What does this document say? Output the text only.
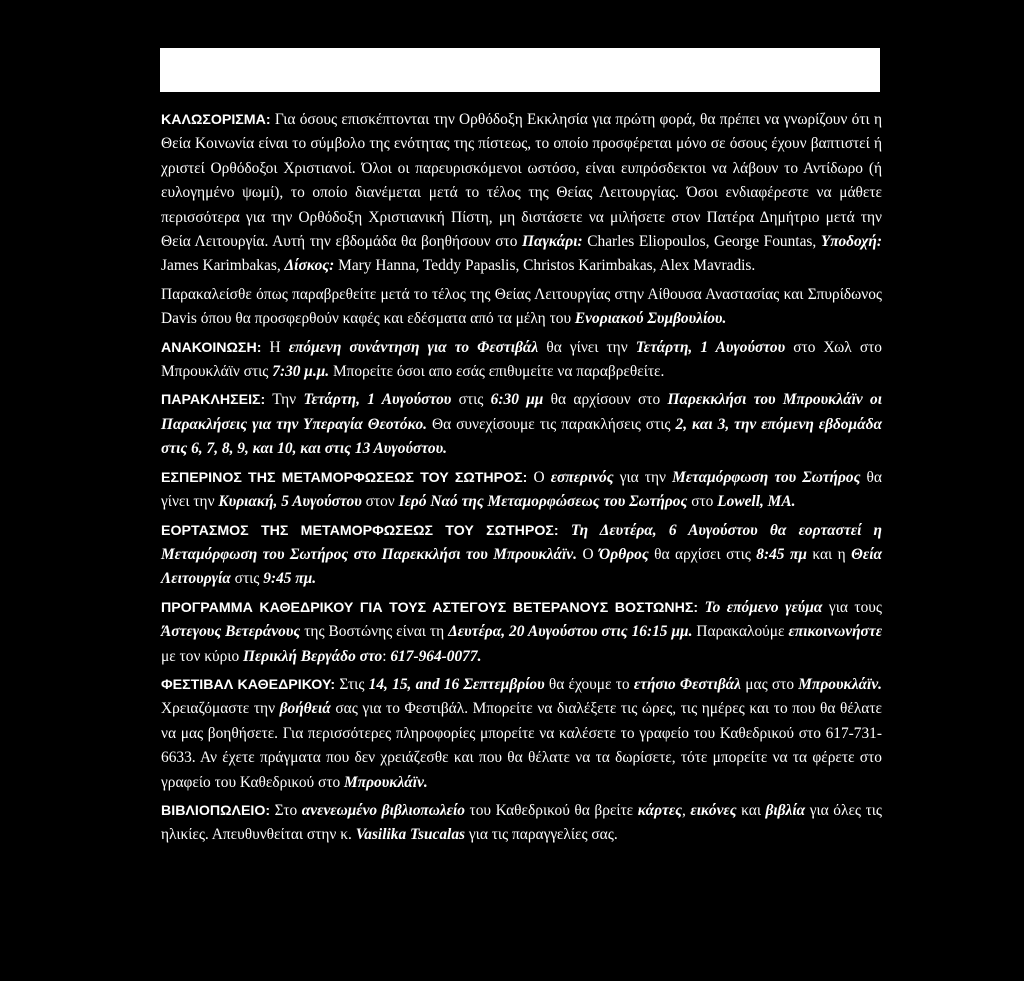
ΚΑΛΩΣΟΡΙΣΜΑ: Για όσους επισκέπτονται την Ορθόδοξη Εκκλησία για πρώτη φορά, θα πρέπει να γνωρίζουν ότι η Θεία Κοινωνία είναι το σύμβολο της ενότητας της πίστεως, το οποίο προσφέρεται μόνο σε όσους έχουν βαπτιστεί ή χριστεί Ορθόδοξοι Χριστιανοί. Όλοι οι παρευρισκόμενοι ωστόσο, είναι ευπρόσδεκτοι να λάβουν το Αντίδωρο (ή ευλογημένο ψωμί), το οποίο διανέμεται μετά το τέλος της Θείας Λειτουργίας. Όσοι ενδιαφέρεστε να μάθετε περισσότερα για την Ορθόδοξη Χριστιανική Πίστη, μη διστάσετε να μιλήσετε στον Πατέρα Δημήτριο μετά την Θεία Λειτουργία. Αυτή την εβδομάδα θα βοηθήσουν στο Παγκάρι: Charles Eliopoulos, George Fountas, Υποδοχή: James Karimbakas, Δίσκος: Mary Hanna, Teddy Papaslis, Christos Karimbakas, Alex Mavradis.

Παρακαλείσθε όπως παραβρεθείτε μετά το τέλος της Θείας Λειτουργίας στην Αίθουσα Αναστασίας και Σπυρίδωνος Davis όπου θα προσφερθούν καφές και εδέσματα από τα μέλη του Ενοριακού Συμβουλίου.

ΑΝΑΚΟΙΝΩΣΗ: Η επόμενη συνάντηση για το Φεστιβάλ θα γίνει την Τετάρτη, 1 Αυγούστου στο Χωλ στο Μπρουκλάϊν στις 7:30 μ.μ. Μπορείτε όσοι απο εσάς επιθυμείτε να παραβρεθείτε.

ΠΑΡΑΚΛΗΣΕΙΣ: Την Τετάρτη, 1 Αυγούστου στις 6:30 μμ θα αρχίσουν στο Παρεκκλήσι του Μπρουκλάϊν οι Παρακλήσεις για την Υπεραγία Θεοτόκο. Θα συνεχίσουμε τις παρακλήσεις στις 2, και 3, την επόμενη εβδομάδα στις 6, 7, 8, 9, και 10, και στις 13 Αυγούστου.

ΕΣΠΕΡΙΝΟΣ ΤΗΣ ΜΕΤΑΜΟΡΦΩΣΕΩΣ ΤΟΥ ΣΩΤΗΡΟΣ: Ο εσπερινός για την Μεταμόρφωση του Σωτήρος θα γίνει την Κυριακή, 5 Αυγούστου στον Ιερό Ναό της Μεταμορφώσεως του Σωτήρος στο Lowell, MA.

ΕΟΡΤΑΣΜΟΣ ΤΗΣ ΜΕΤΑΜΟΡΦΩΣΕΩΣ ΤΟΥ ΣΩΤΗΡΟΣ: Τη Δευτέρα, 6 Αυγούστου θα εορταστεί η Μεταμόρφωση του Σωτήρος στο Παρεκκλήσι του Μπρουκλάϊν. Ο Όρθρος θα αρχίσει στις 8:45 πμ και η Θεία Λειτουργία στις 9:45 πμ.

ΠΡΟΓΡΑΜΜΑ ΚΑΘΕΔΡΙΚΟΥ ΓΙΑ ΤΟΥΣ ΑΣΤΕΓΟΥΣ ΒΕΤΕΡΑΝΟΥΣ ΒΟΣΤΩΝΗΣ: Το επόμενο γεύμα για τους Άστεγους Βετεράνους της Βοστώνης είναι τη Δευτέρα, 20 Αυγούστου στις 16:15 μμ. Παρακαλούμε επικοινωνήστε με τον κύριο Περικλή Βεργάδο στο: 617-964-0077.

ΦΕΣΤΙΒΑΛ ΚΑΘΕΔΡΙΚΟΥ: Στις 14, 15, and 16 Σεπτεμβρίου θα έχουμε το ετήσιο Φεστιβάλ μας στο Μπρουκλάϊν. Χρειαζόμαστε την βοήθειά σας για το Φεστιβάλ. Μπορείτε να διαλέξετε τις ώρες, τις ημέρες και το που θα θέλατε να μας βοηθήσετε. Για περισσότερες πληροφορίες μπορείτε να καλέσετε το γραφείο του Καθεδρικού στο 617-731-6633. Αν έχετε πράγματα που δεν χρειάζεσθε και που θα θέλατε να τα δωρίσετε, τότε μπορείτε να τα φέρετε στο γραφείο του Καθεδρικού στο Μπρουκλάϊν.

ΒΙΒΛΙΟΠΩΛΕΙΟ: Στο ανενεωμένο βιβλιοπωλείο του Καθεδρικού θα βρείτε κάρτες, εικόνες και βιβλία για όλες τις ηλικίες. Απευθυνθείται στην κ. Vasilika Tsucalas για τις παραγγελίες σας.
